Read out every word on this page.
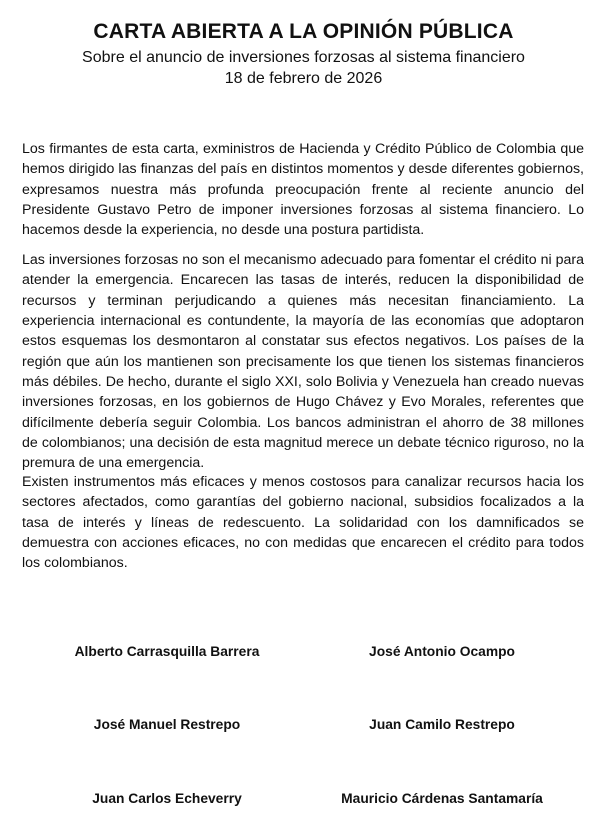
CARTA ABIERTA A LA OPINIÓN PÚBLICA
Sobre el anuncio de inversiones forzosas al sistema financiero
18 de febrero de 2026

Los firmantes de esta carta, exministros de Hacienda y Crédito Público de Colombia que hemos dirigido las finanzas del país en distintos momentos y desde diferentes gobiernos, expresamos nuestra más profunda preocupación frente al reciente anuncio del Presidente Gustavo Petro de imponer inversiones forzosas al sistema financiero. Lo hacemos desde la experiencia, no desde una postura partidista.

Las inversiones forzosas no son el mecanismo adecuado para fomentar el crédito ni para atender la emergencia. Encarecen las tasas de interés, reducen la disponibilidad de recursos y terminan perjudicando a quienes más necesitan financiamiento. La experiencia internacional es contundente, la mayoría de las economías que adoptaron estos esquemas los desmontaron al constatar sus efectos negativos. Los países de la región que aún los mantienen son precisamente los que tienen los sistemas financieros más débiles. De hecho, durante el siglo XXI, solo Bolivia y Venezuela han creado nuevas inversiones forzosas, en los gobiernos de Hugo Chávez y Evo Morales, referentes que difícilmente debería seguir Colombia. Los bancos administran el ahorro de 38 millones de colombianos; una decisión de esta magnitud merece un debate técnico riguroso, no la premura de una emergencia.

Existen instrumentos más eficaces y menos costosos para canalizar recursos hacia los sectores afectados, como garantías del gobierno nacional, subsidios focalizados a la tasa de interés y líneas de redescuento. La solidaridad con los damnificados se demuestra con acciones eficaces, no con medidas que encarecen el crédito para todos los colombianos.

Alberto Carrasquilla Barrera	José Antonio Ocampo
José Manuel Restrepo	Juan Camilo Restrepo
Juan Carlos Echeverry	Mauricio Cárdenas Santamaría
